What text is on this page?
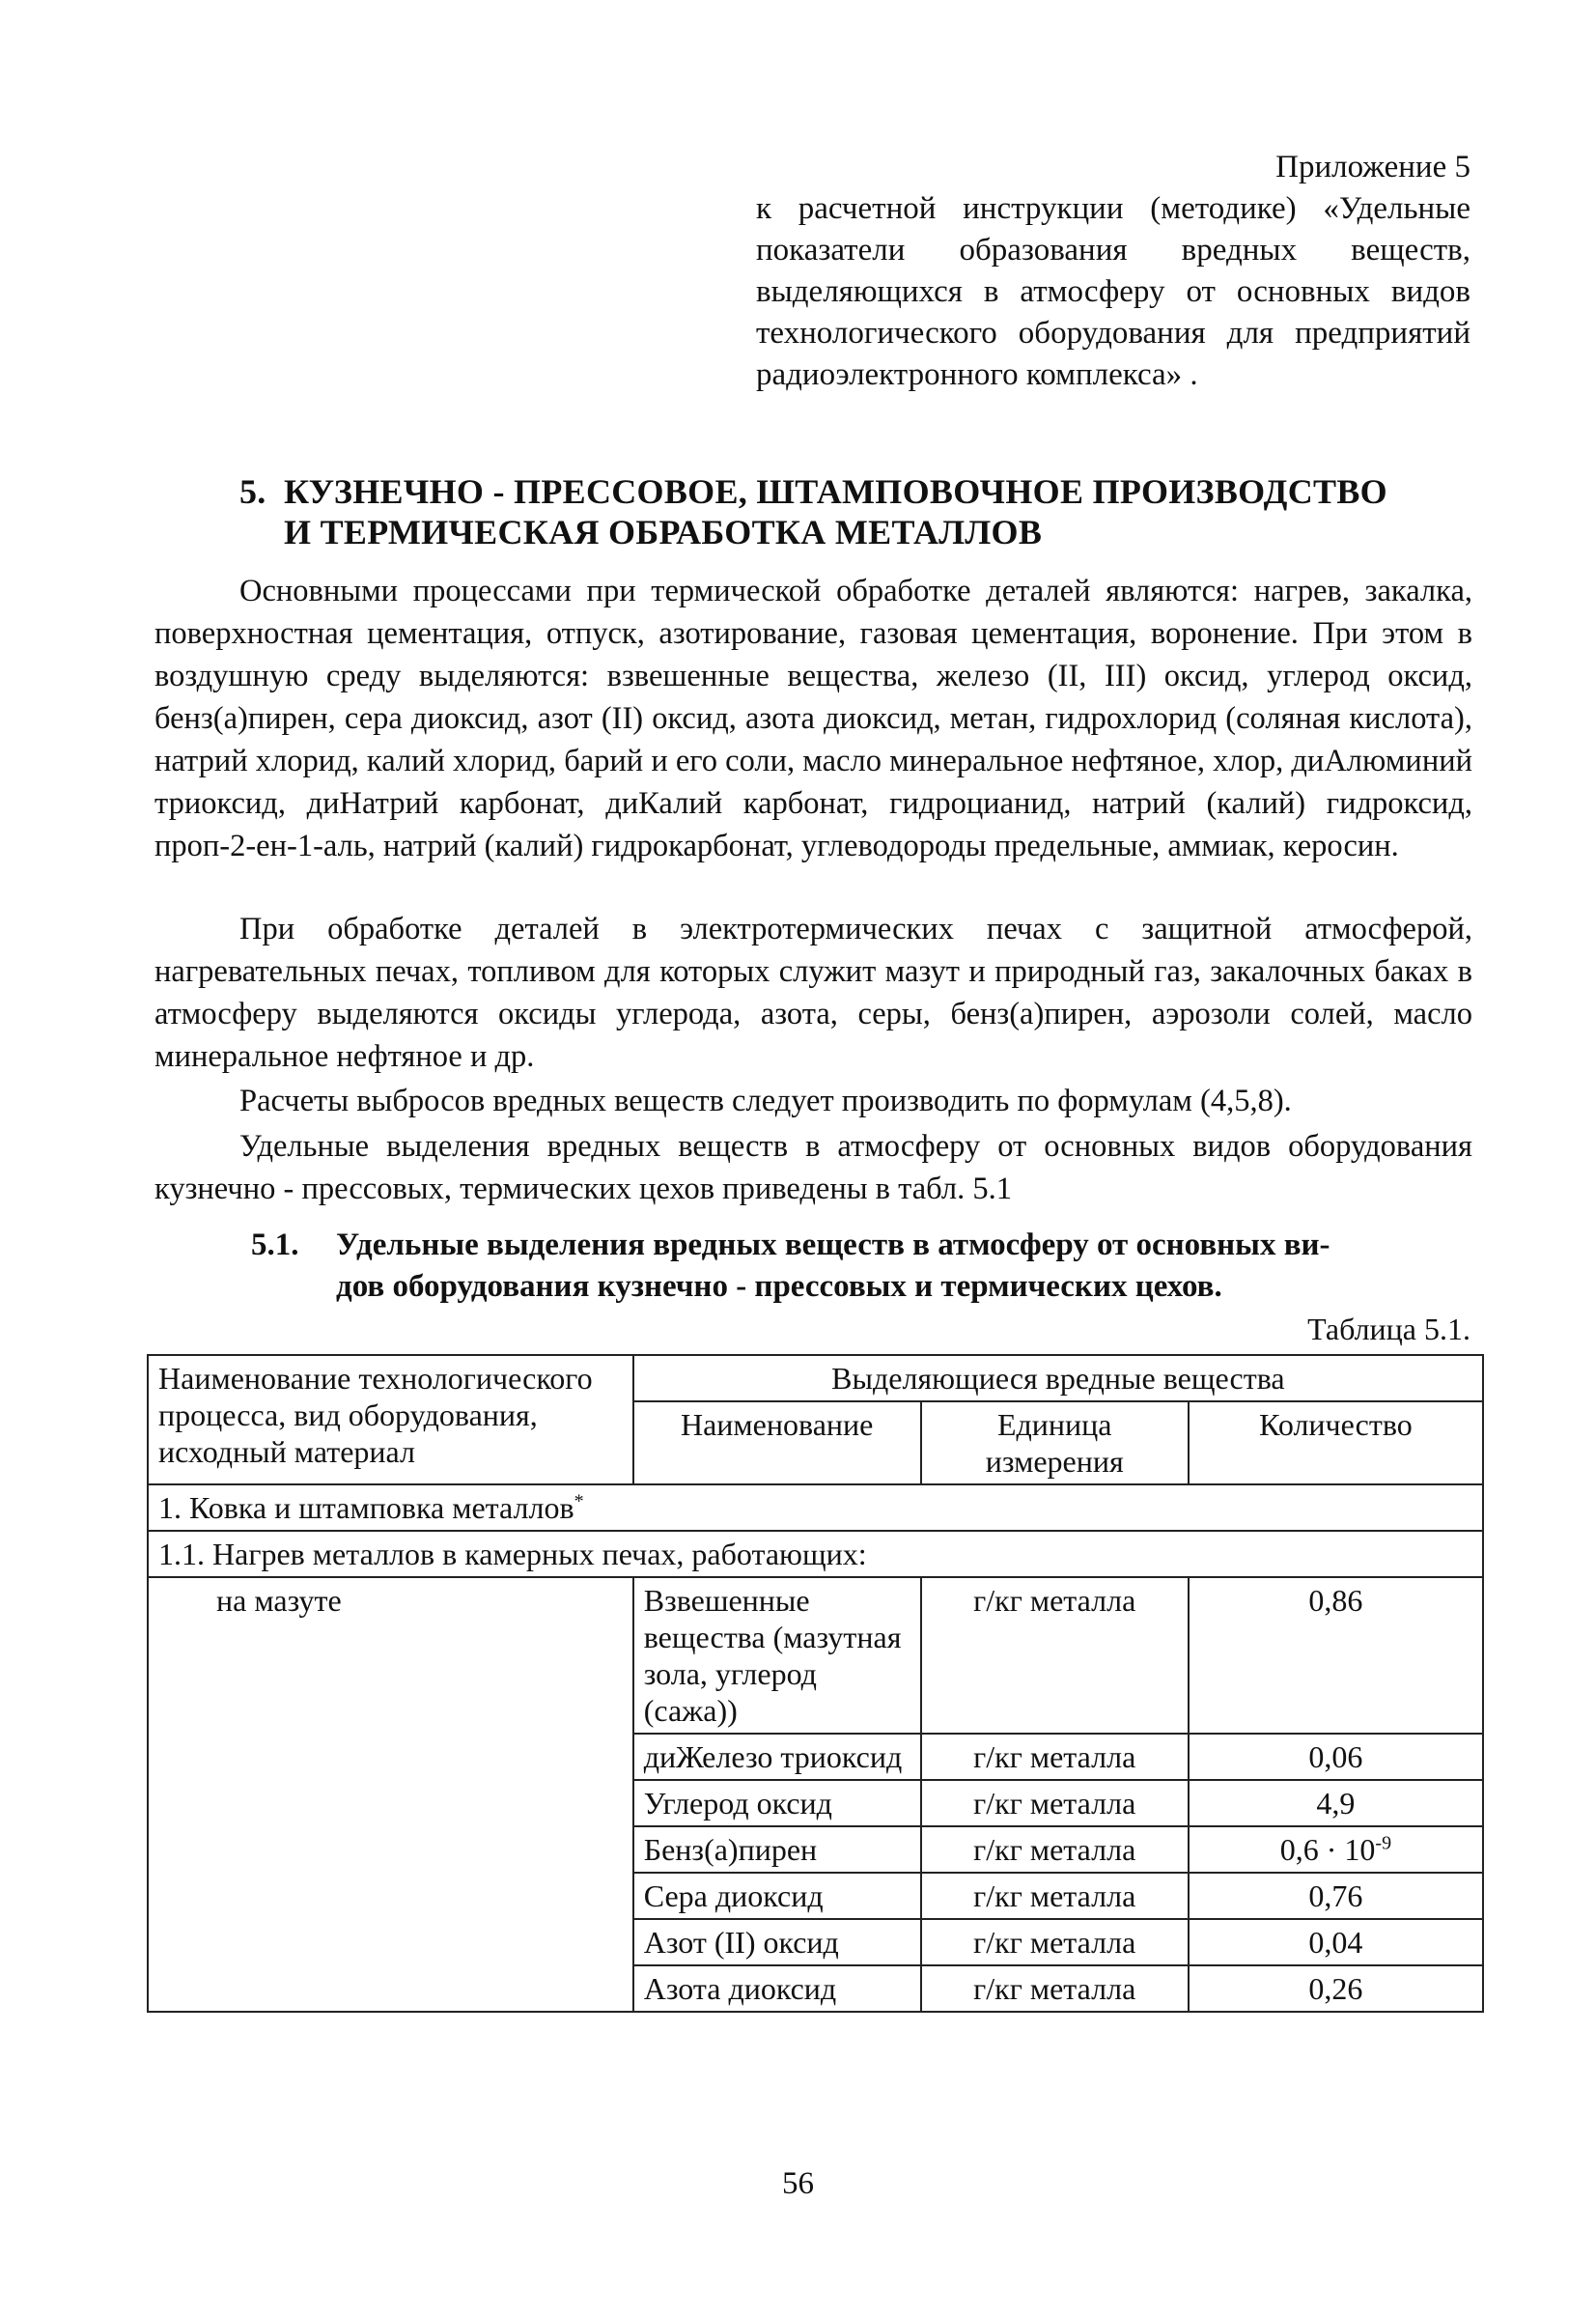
Приложение 5
к расчетной инструкции (методике) «Удельные показатели образования вредных веществ, выделяющихся в атмосферу от основных видов технологического оборудования для предприятий радиоэлектронного комплекса» .
5. КУЗНЕЧНО - ПРЕССОВОЕ, ШТАМПОВОЧНОЕ ПРОИЗВОДСТВО
И ТЕРМИЧЕСКАЯ ОБРАБОТКА МЕТАЛЛОВ
Основными процессами при термической обработке деталей являются: нагрев, закалка, поверхностная цементация, отпуск, азотирование, газовая цементация, воронение. При этом в воздушную среду выделяются: взвешенные вещества, железо (II, III) оксид, углерод оксид, бенз(а)пирен, сера диоксид, азот (II) оксид, азота диоксид, метан, гидрохлорид (соляная кислота), натрий хлорид, калий хлорид, барий и его соли, масло минеральное нефтяное, хлор, диАлюминий триоксид, диНатрий карбонат, диКалий карбонат, гидроцианид, натрий (калий) гидроксид, проп-2-ен-1-аль, натрий (калий) гидрокарбонат, углеводороды предельные, аммиак, керосин.
При обработке деталей в электротермических печах с защитной атмосферой, нагревательных печах, топливом для которых служит мазут и природный газ, закалочных баках в атмосферу выделяются оксиды углерода, азота, серы, бенз(а)пирен, аэрозоли солей, масло минеральное нефтяное и др.
Расчеты выбросов вредных веществ следует производить по формулам (4,5,8).
Удельные выделения вредных веществ в атмосферу от основных видов оборудования кузнечно - прессовых, термических цехов приведены в табл. 5.1
5.1. Удельные выделения вредных веществ в атмосферу от основных ви-
дов оборудования кузнечно - прессовых и термических цехов.
Таблица 5.1.
Наименование технологического процесса, вид оборудования, исходный материал	Выделяющиеся вредные вещества		
	Наименование	Единица измерения	Количество
1. Ковка и штамповка металлов*
1.1. Нагрев металлов в камерных печах, работающих:			
на мазуте	Взвешенные вещества (мазутная зола, углерод (сажа))	г/кг металла	0,86
	диЖелезо триоксид	г/кг металла	0,06
	Углерод оксид	г/кг металла	4,9
	Бенз(а)пирен	г/кг металла	$0,6 \cdot 10^{-9}$
	Сера диоксид	г/кг металла	0,76
	Азот (II) оксид	г/кг металла	0,04
	Азота диоксид	г/кг металла	0,26
56
